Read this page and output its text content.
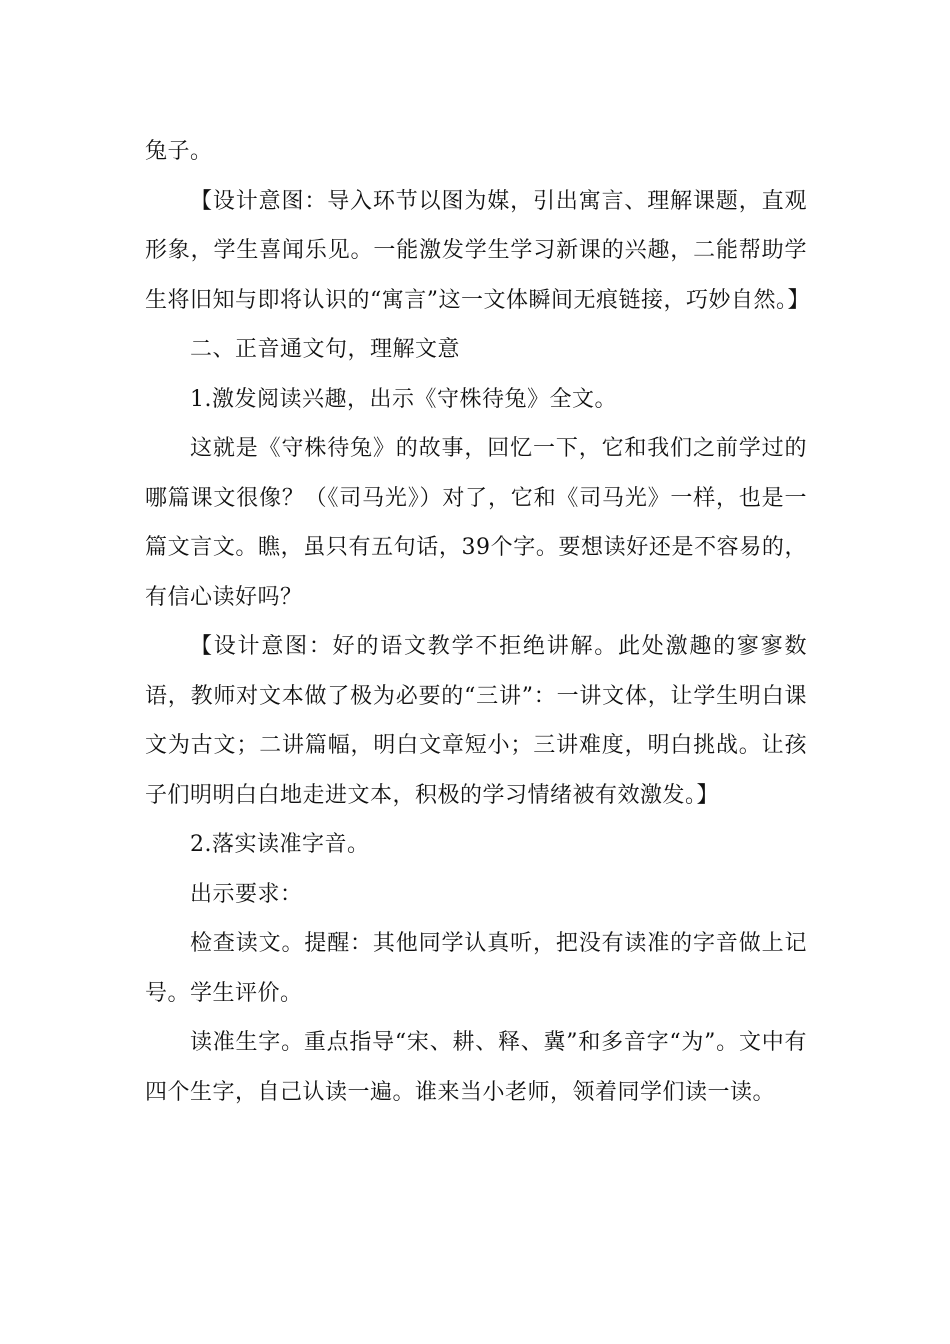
兔子。

【设计意图：导入环节以图为媒，引出寓言、理解课题，直观形象，学生喜闻乐见。一能激发学生学习新课的兴趣，二能帮助学生将旧知与即将认识的“寓言”这一文体瞬间无痕链接，巧妙自然。】

二、正音通文句，理解文意

1.激发阅读兴趣，出示《守株待兔》全文。

这就是《守株待兔》的故事，回忆一下，它和我们之前学过的哪篇课文很像？（《司马光》）对了，它和《司马光》一样，也是一篇文言文。瞧，虽只有五句话，39个字。要想读好还是不容易的，有信心读好吗？

【设计意图：好的语文教学不拒绝讲解。此处激趣的寥寥数语，教师对文本做了极为必要的“三讲”：一讲文体，让学生明白课文为古文；二讲篇幅，明白文章短小；三讲难度，明白挑战。让孩子们明明白白地走进文本，积极的学习情绪被有效激发。】

2.落实读准字音。

出示要求：

检查读文。提醒：其他同学认真听，把没有读准的字音做上记号。学生评价。

读准生字。重点指导“宋、耕、释、冀”和多音字“为”。文中有四个生字，自己认读一遍。谁来当小老师，领着同学们读一读。
